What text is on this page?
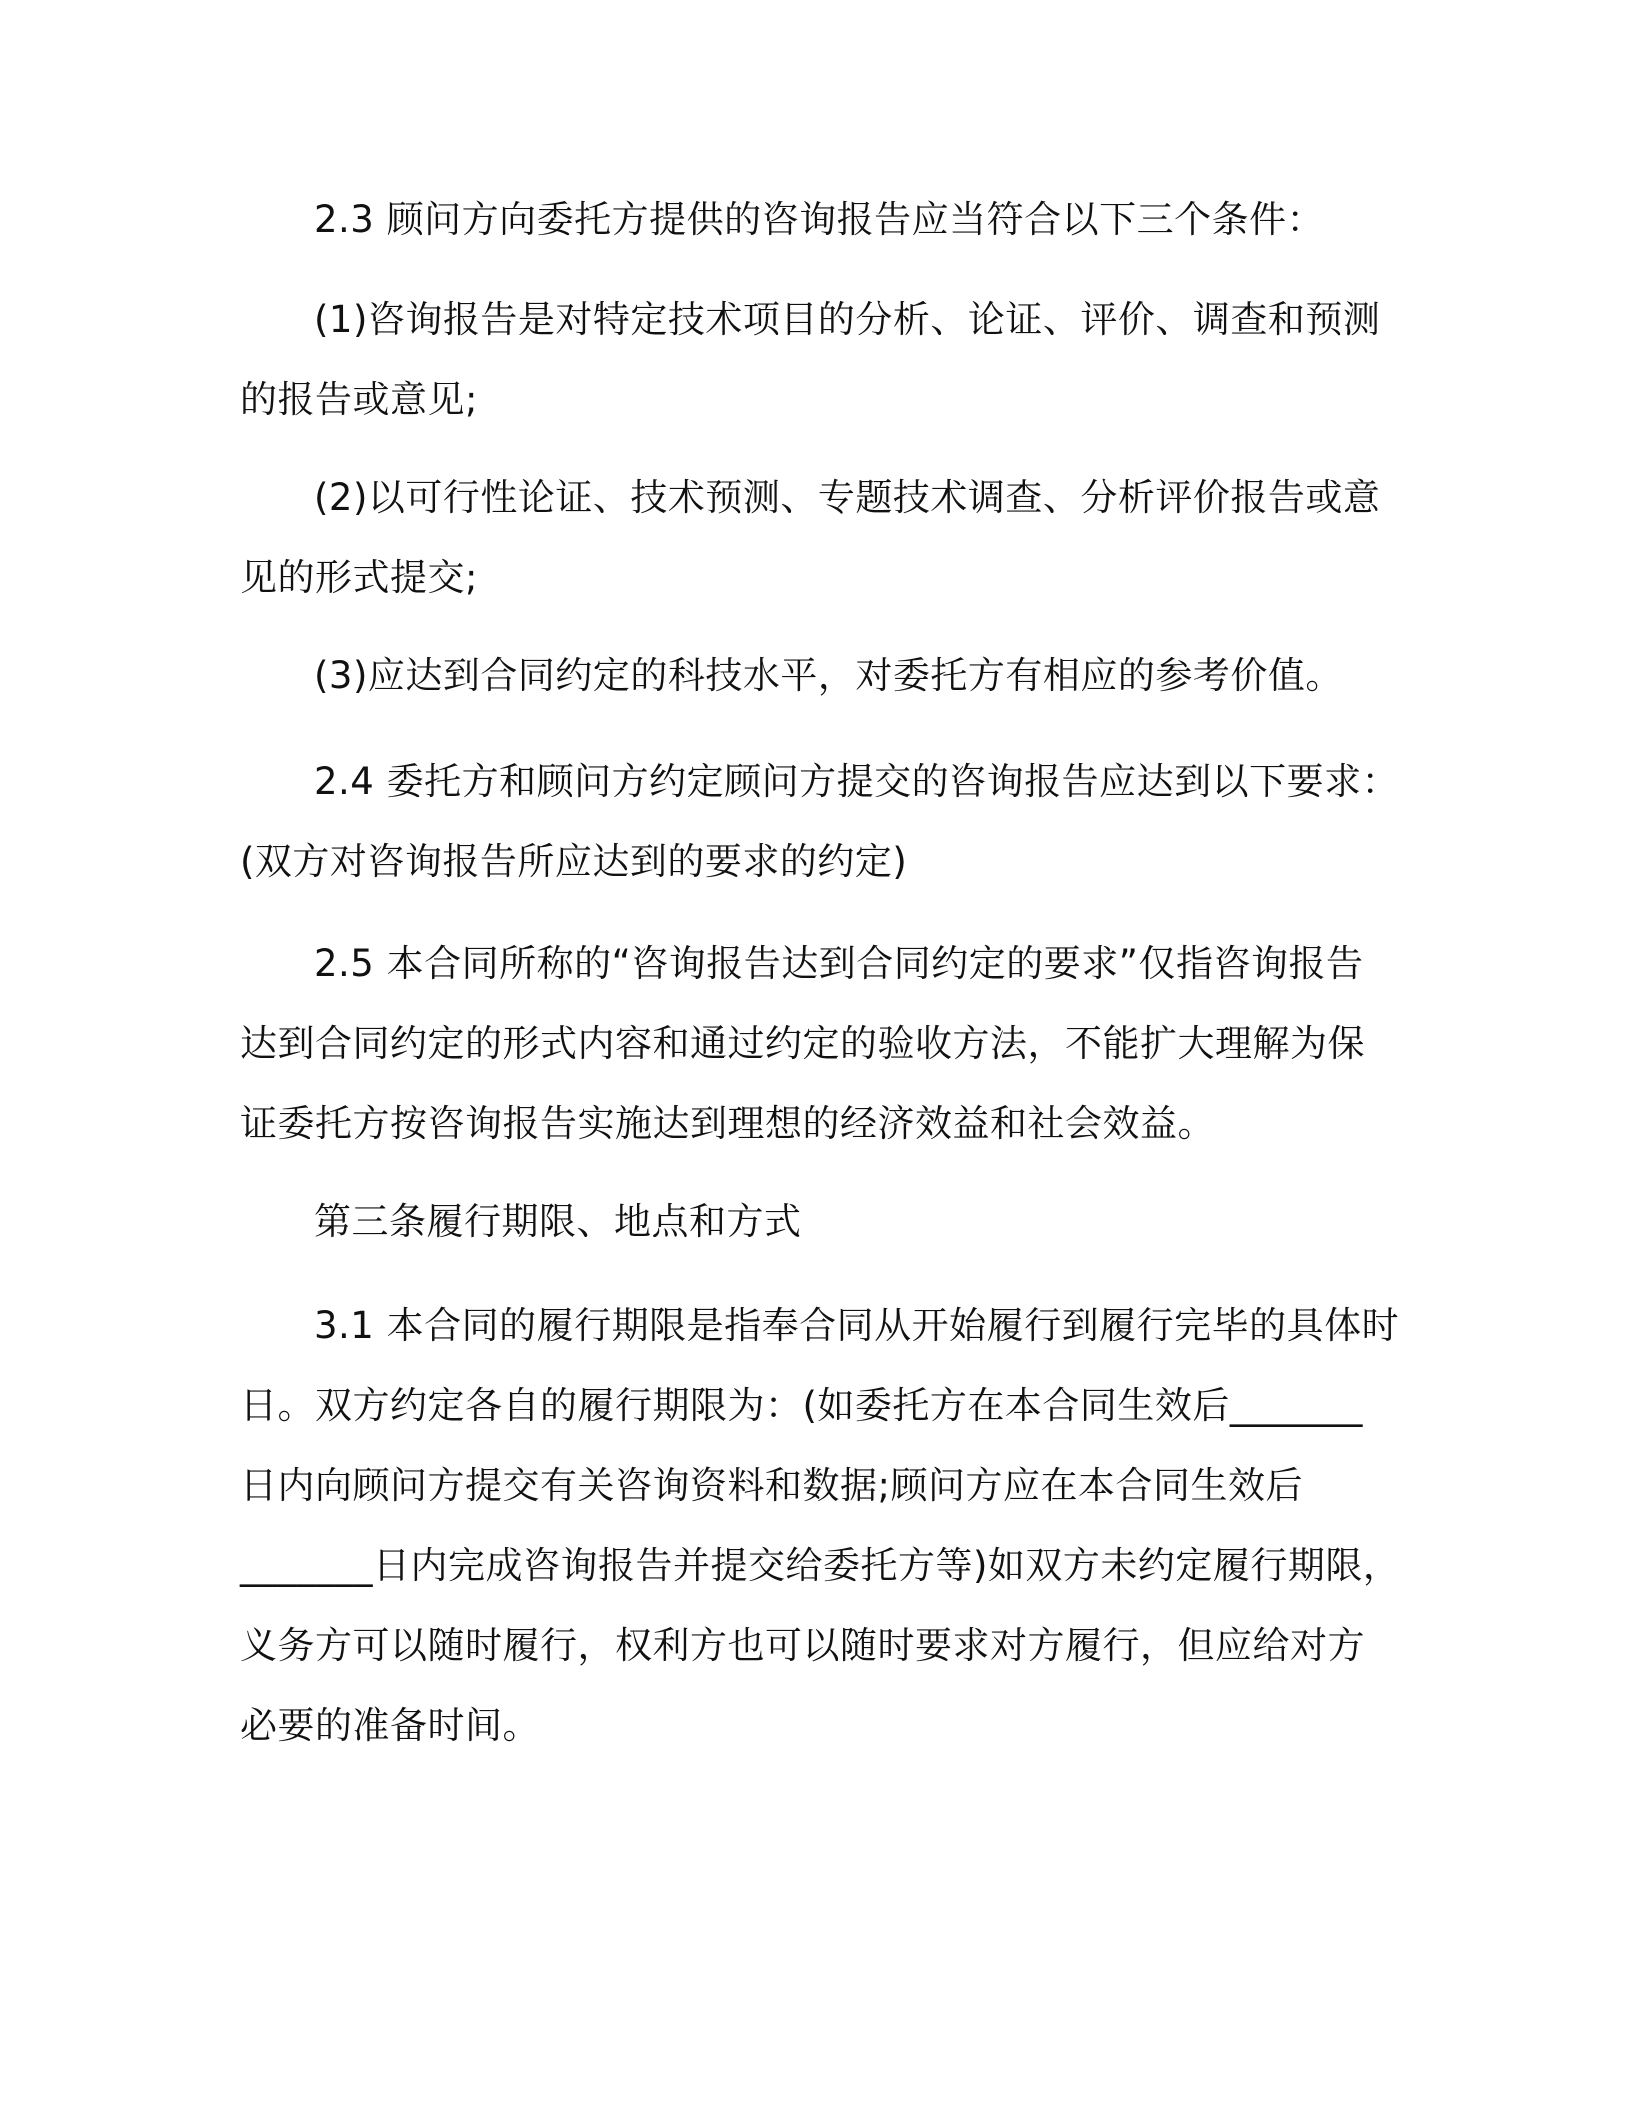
2.3 顾问方向委托方提供的咨询报告应当符合以下三个条件：

(1)咨询报告是对特定技术项目的分析、论证、评价、调查和预测
的报告或意见;

(2)以可行性论证、技术预测、专题技术调查、分析评价报告或意
见的形式提交;

(3)应达到合同约定的科技水平，对委托方有相应的参考价值。

2.4 委托方和顾问方约定顾问方提交的咨询报告应达到以下要求：
(双方对咨询报告所应达到的要求的约定)

2.5 本合同所称的“咨询报告达到合同约定的要求”仅指咨询报告
达到合同约定的形式内容和通过约定的验收方法，不能扩大理解为保
证委托方按咨询报告实施达到理想的经济效益和社会效益。

第三条履行期限、地点和方式

3.1 本合同的履行期限是指奉合同从开始履行到履行完毕的具体时
日。双方约定各自的履行期限为：(如委托方在本合同生效后_______
日内向顾问方提交有关咨询资料和数据;顾问方应在本合同生效后
_______日内完成咨询报告并提交给委托方等)如双方未约定履行期限，
义务方可以随时履行，权利方也可以随时要求对方履行，但应给对方
必要的准备时间。
